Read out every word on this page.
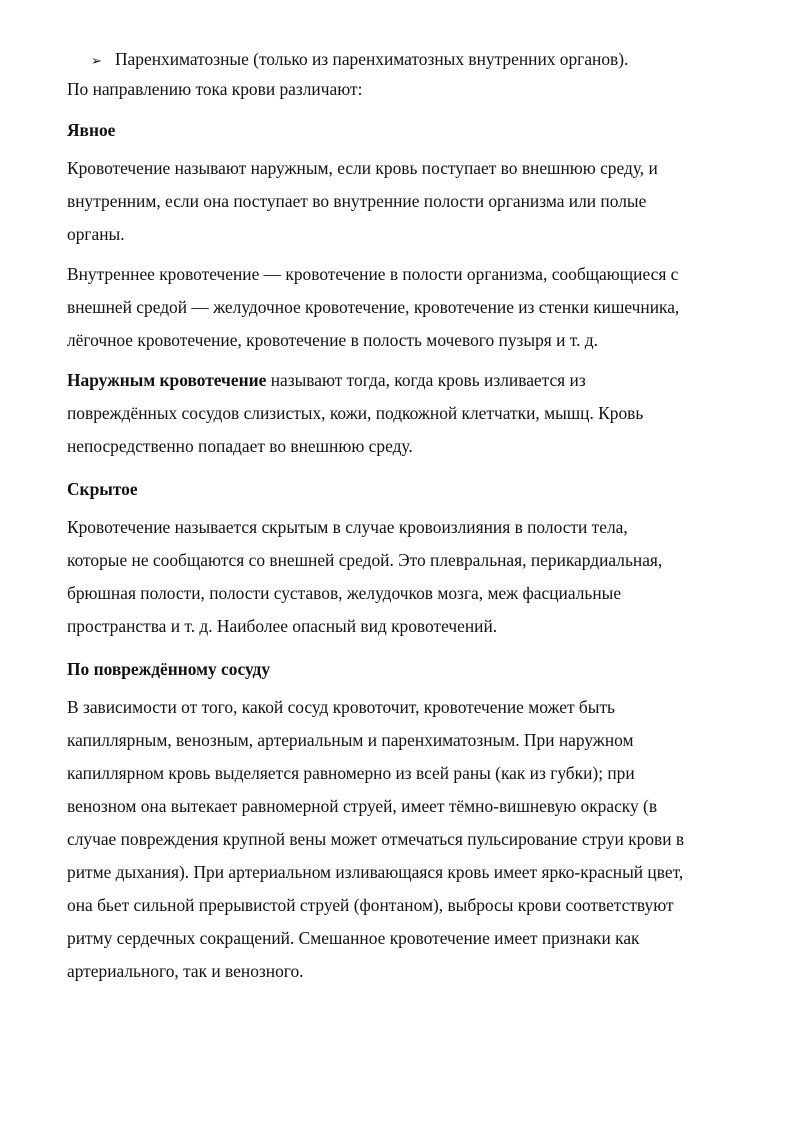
➢ Паренхиматозные (только из паренхиматозных внутренних органов).
По направлению тока крови различают:
Явное

Кровотечение называют наружным, если кровь поступает во внешнюю среду, и
внутренним, если она поступает во внутренние полости организма или полые
органы.

Внутреннее кровотечение — кровотечение в полости организма, сообщающиеся с
внешней средой — желудочное кровотечение, кровотечение из стенки кишечника,
лёгочное кровотечение, кровотечение в полость мочевого пузыря и т. д.

Наружным кровотечение называют тогда, когда кровь изливается из
повреждённых сосудов слизистых, кожи, подкожной клетчатки, мышц. Кровь
непосредственно попадает во внешнюю среду.

Скрытое

Кровотечение называется скрытым в случае кровоизлияния в полости тела,
которые не сообщаются со внешней средой. Это плевральная, перикардиальная,
брюшная полости, полости суставов, желудочков мозга, меж фасциальные
пространства и т. д. Наиболее опасный вид кровотечений.

По повреждённому сосуду

В зависимости от того, какой сосуд кровоточит, кровотечение может быть
капиллярным, венозным, артериальным и паренхиматозным. При наружном
капиллярном кровь выделяется равномерно из всей раны (как из губки); при
венозном она вытекает равномерной струей, имеет тёмно-вишневую окраску (в
случае повреждения крупной вены может отмечаться пульсирование струи крови в
ритме дыхания). При артериальном изливающаяся кровь имеет ярко-красный цвет,
она бьет сильной прерывистой струей (фонтаном), выбросы крови соответствуют
ритму сердечных сокращений. Смешанное кровотечение имеет признаки как
артериального, так и венозного.
